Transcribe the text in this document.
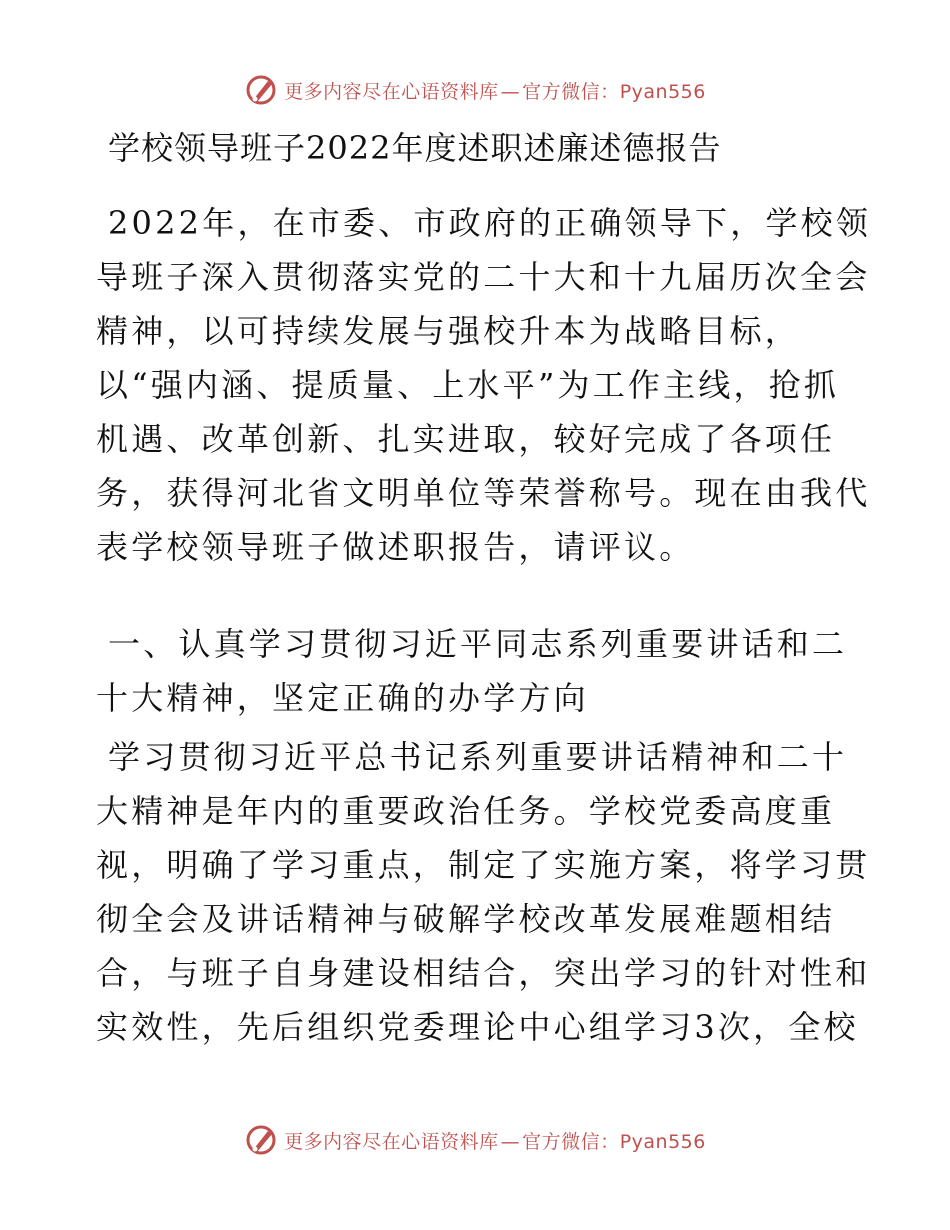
更多内容尽在心语资料库 — 官方微信：Pyan556
学校领导班子2022年度述职述廉述德报告
2022年，在市委、市政府的正确领导下，学校领
导班子深入贯彻落实党的二十大和十九届历次全会
精神，以可持续发展与强校升本为战略目标，
以“强内涵、提质量、上水平”为工作主线，抢抓
机遇、改革创新、扎实进取，较好完成了各项任
务，获得河北省文明单位等荣誉称号。现在由我代
表学校领导班子做述职报告，请评议。
一、认真学习贯彻习近平同志系列重要讲话和二
十大精神，坚定正确的办学方向
学习贯彻习近平总书记系列重要讲话精神和二十
大精神是年内的重要政治任务。学校党委高度重
视，明确了学习重点，制定了实施方案，将学习贯
彻全会及讲话精神与破解学校改革发展难题相结
合，与班子自身建设相结合，突出学习的针对性和
实效性，先后组织党委理论中心组学习3次，全校
更多内容尽在心语资料库 — 官方微信：Pyan556
